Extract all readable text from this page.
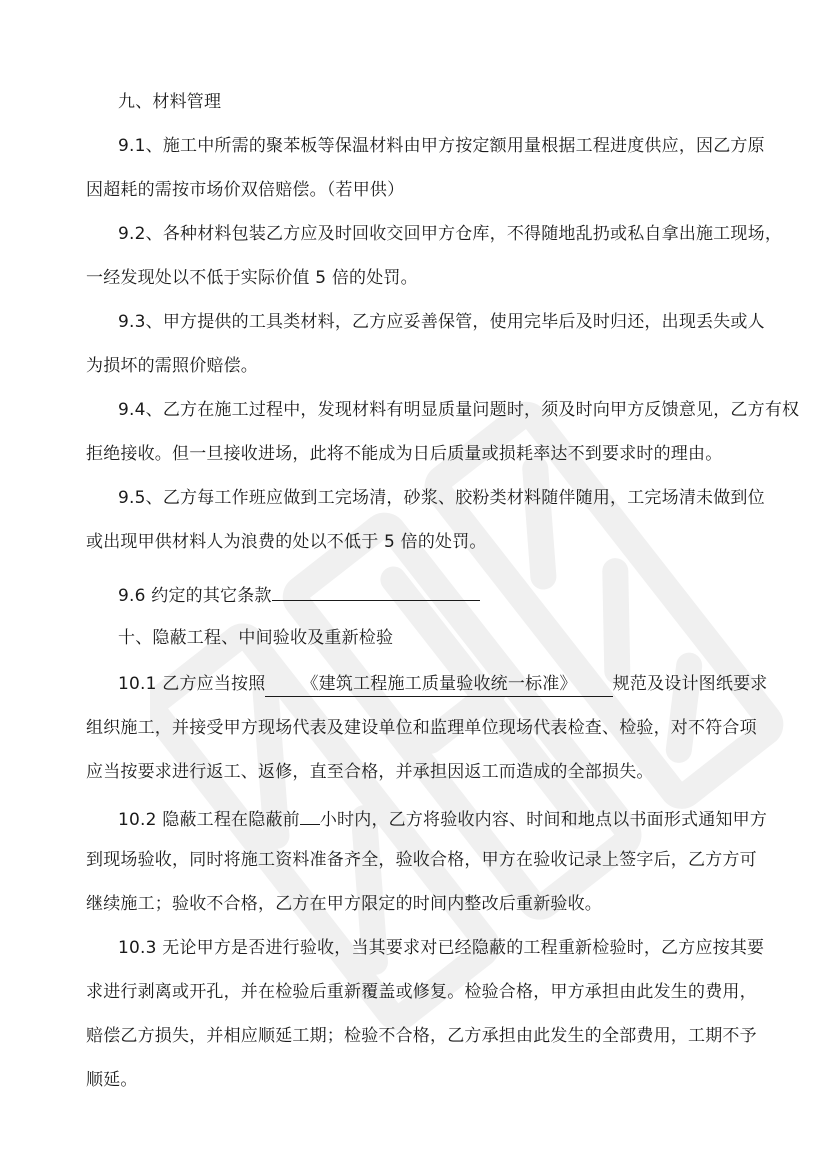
九、材料管理
9.1、施工中所需的聚苯板等保温材料由甲方按定额用量根据工程进度供应，因乙方原
因超耗的需按市场价双倍赔偿。（若甲供）
9.2、各种材料包装乙方应及时回收交回甲方仓库，不得随地乱扔或私自拿出施工现场，
一经发现处以不低于实际价值 5 倍的处罚。
9.3、甲方提供的工具类材料，乙方应妥善保管，使用完毕后及时归还，出现丢失或人
为损坏的需照价赔偿。
9.4、乙方在施工过程中，发现材料有明显质量问题时，须及时向甲方反馈意见，乙方有权
拒绝接收。但一旦接收进场，此将不能成为日后质量或损耗率达不到要求时的理由。
9.5、乙方每工作班应做到工完场清，砂浆、胶粉类材料随伴随用，工完场清未做到位
或出现甲供材料人为浪费的处以不低于 5 倍的处罚。
9.6 约定的其它条款
十、隐蔽工程、中间验收及重新检验
10.1 乙方应当按照 《建筑工程施工质量验收统一标准》 规范及设计图纸要求
组织施工，并接受甲方现场代表及建设单位和监理单位现场代表检查、检验，对不符合项
应当按要求进行返工、返修，直至合格，并承担因返工而造成的全部损失。
10.2 隐蔽工程在隐蔽前 小时内，乙方将验收内容、时间和地点以书面形式通知甲方
到现场验收，同时将施工资料准备齐全，验收合格，甲方在验收记录上签字后，乙方方可
继续施工；验收不合格，乙方在甲方限定的时间内整改后重新验收。
10.3 无论甲方是否进行验收，当其要求对已经隐蔽的工程重新检验时，乙方应按其要
求进行剥离或开孔，并在检验后重新覆盖或修复。检验合格，甲方承担由此发生的费用，
赔偿乙方损失，并相应顺延工期；检验不合格，乙方承担由此发生的全部费用，工期不予
顺延。
